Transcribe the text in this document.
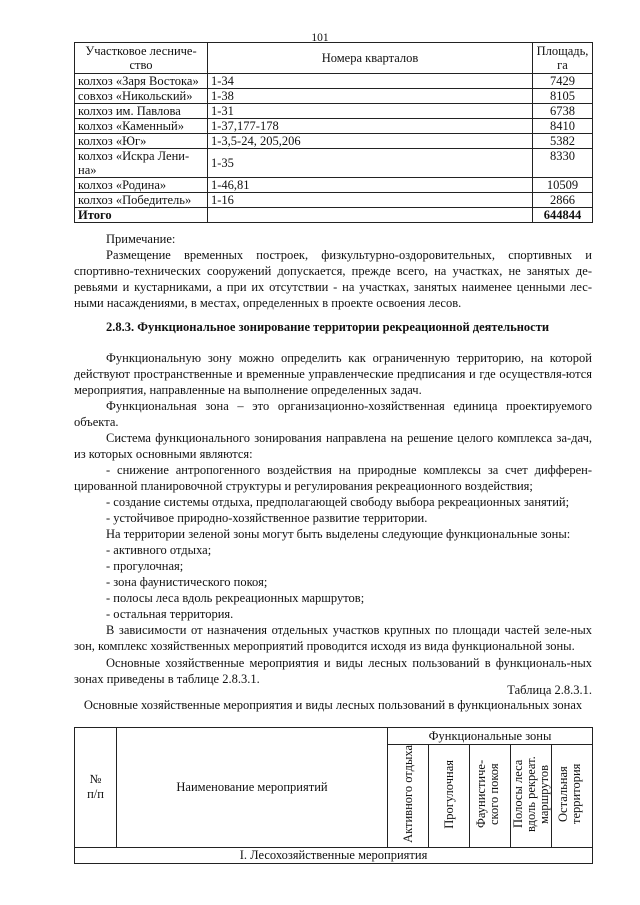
101
Участковое лесниче-ство	Номера кварталов	Площадь, га
колхоз «Заря Востока»	1-34	7429
совхоз «Никольский»	1-38	8105
колхоз им. Павлова	1-31	6738
колхоз «Каменный»	1-37,177-178	8410
колхоз «Юг»	1-3,5-24, 205,206	5382
колхоз «Искра Лени-на»	1-35	8330
колхоз «Родина»	1-46,81	10509
колхоз «Победитель»	1-16	2866
Итого		644844
Примечание:
Размещение временных построек, физкультурно-оздоровительных, спортивных и спортивно-технических сооружений допускается, прежде всего, на участках, не занятых де-ревьями и кустарниками, а при их отсутствии - на участках, занятых наименее ценными лес-ными насаждениями, в местах, определенных в проекте освоения лесов.
2.8.3. Функциональное зонирование территории рекреационной деятельности
Функциональную зону можно определить как ограниченную территорию, на которой действуют пространственные и временные управленческие предписания и где осуществля-ются мероприятия, направленные на выполнение определенных задач.
Функциональная зона – это организационно-хозяйственная единица проектируемого объекта.
Система функционального зонирования направлена на решение целого комплекса за-дач, из которых основными являются:
- снижение антропогенного воздействия на природные комплексы за счет дифферен-цированной планировочной структуры и регулирования рекреационного воздействия;
- создание системы отдыха, предполагающей свободу выбора рекреационных занятий;
- устойчивое природно-хозяйственное развитие территории.
На территории зеленой зоны могут быть выделены следующие функциональные зоны:
- активного отдыха;
- прогулочная;
- зона фаунистического покоя;
- полосы леса вдоль рекреационных маршрутов;
- остальная территория.
В зависимости от назначения отдельных участков крупных по площади частей зеле-ных зон, комплекс хозяйственных мероприятий проводится исходя из вида функциональной зоны.
Основные хозяйственные мероприятия и виды лесных пользований в функциональ-ных зонах приведены в таблице 2.8.3.1.
Таблица 2.8.3.1.
Основные хозяйственные мероприятия и виды лесных пользований в функциональных зонах
№ п/п	Наименование мероприятий	Функциональные зоны				
		Активного отдыха	Прогулочная	Фаунистиче-ского покоя	Полосы леса вдоль рекреат. маршрутов	Остальная территория
I. Лесохозяйственные мероприятия						
